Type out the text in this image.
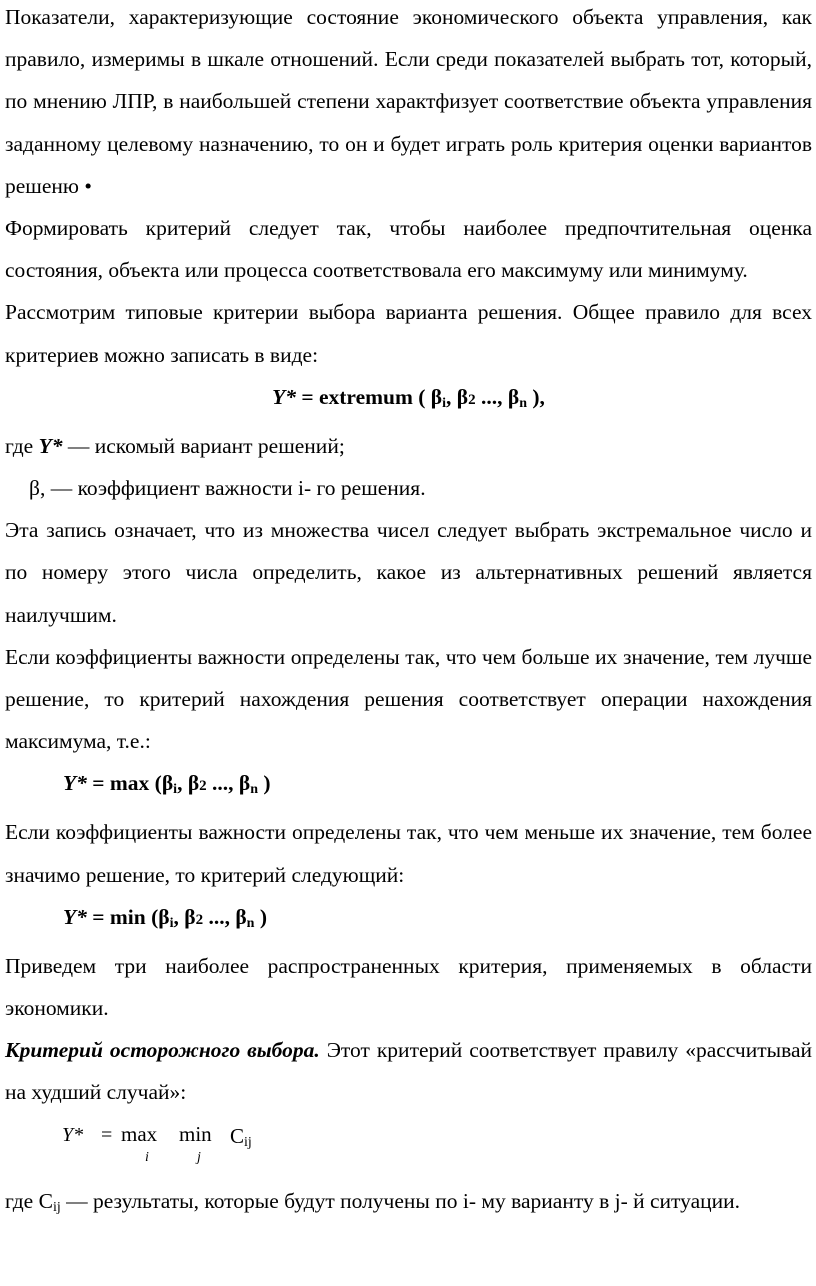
Показатели, характеризующие состояние экономического объекта управления, как правило, измеримы в шкале отношений. Если среди показателей выбрать тот, который, по мнению ЛПР, в наибольшей степени характфизует соответствие объекта управления заданному целевому назначению, то он и будет играть роль критерия оценки вариантов решеню •

Формировать критерий следует так, чтобы наиболее предпочтительная оценка состояния, объекта или процесса соответствовала его максимуму или минимуму.

Рассмотрим типовые критерии выбора варианта решения. Общее правило для всех критериев можно записать в виде:

Y* = extremum ( $\beta_i$, β2 ..., $\beta_n$ ),

где Y* — искомый вариант решений;

β, — коэффициент важности i- го решения.

Эта запись означает, что из множества чисел следует выбрать экстремальное число и по номеру этого числа определить, какое из альтернативных решений является наилучшим.

Если коэффициенты важности определены так, что чем больше их значение, тем лучше решение, то критерий нахождения решения соответствует операции нахождения максимума, т.е.:

$Y* = \max (\beta_i$, β2 ..., $\beta_n$ )

Если коэффициенты важности определены так, что чем меньше их значение, тем более значимо решение, то критерий следующий:

$Y* = \min (\beta_i$, β2 ..., $\beta_n$ )

Приведем три наиболее распространенных критерия, применяемых в области экономики.

Критерий осторожного выбора. Этот критерий соответствует правилу «рассчитывай на худший случай»:

Y* = max
i
min
j
$C_{ij}$

где $C_{ij}$ — результаты, которые будут получены по i- му варианту в j- й ситуации.
